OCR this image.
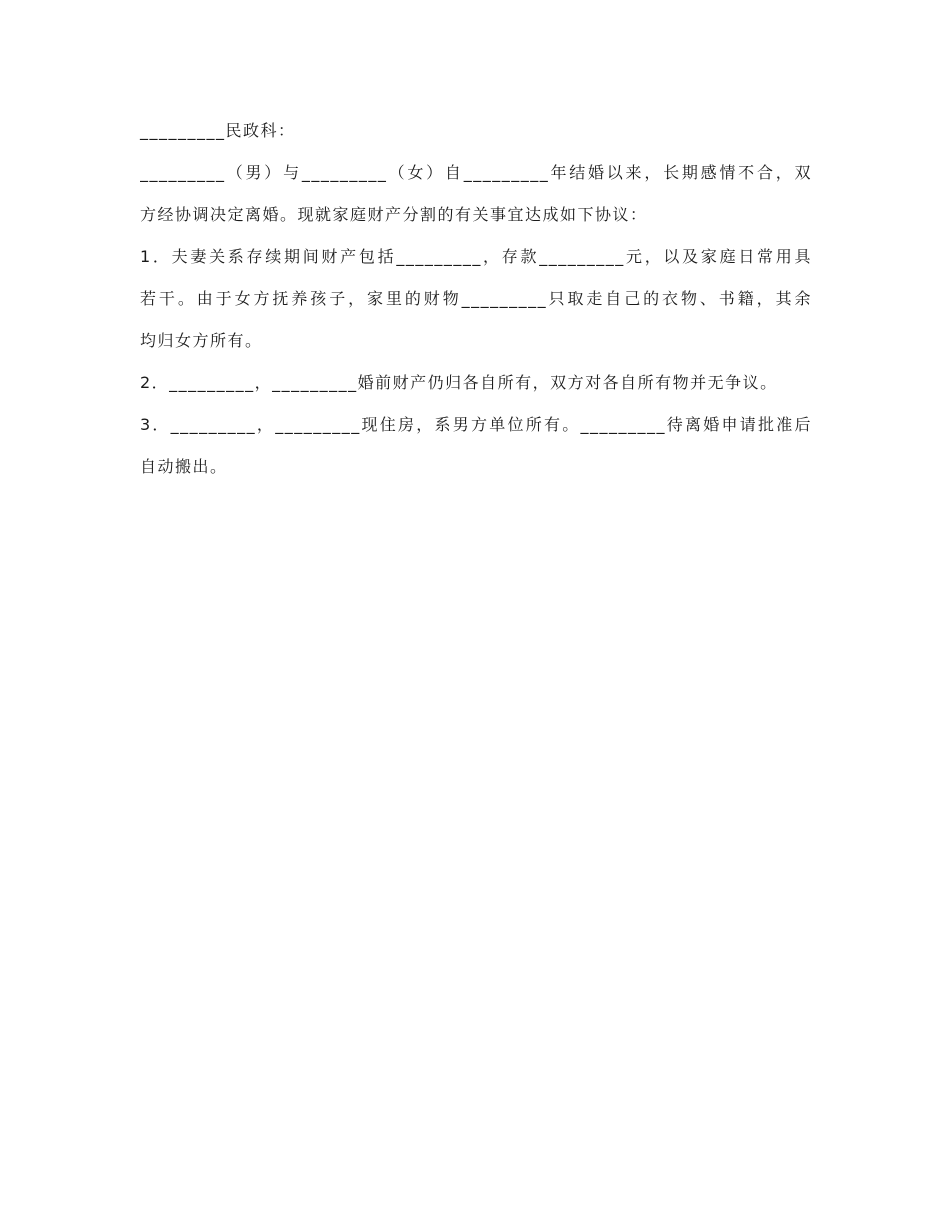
_________民政科：
_________（男）与_________（女）自_________年结婚以来，长期感情不合，双
方经协调决定离婚。现就家庭财产分割的有关事宜达成如下协议：
1．夫妻关系存续期间财产包括_________，存款_________元，以及家庭日常用具
若干。由于女方抚养孩子，家里的财物_________只取走自己的衣物、书籍，其余
均归女方所有。
2．_________，_________婚前财产仍归各自所有，双方对各自所有物并无争议。
3．_________，_________现住房，系男方单位所有。_________待离婚申请批准后
自动搬出。
